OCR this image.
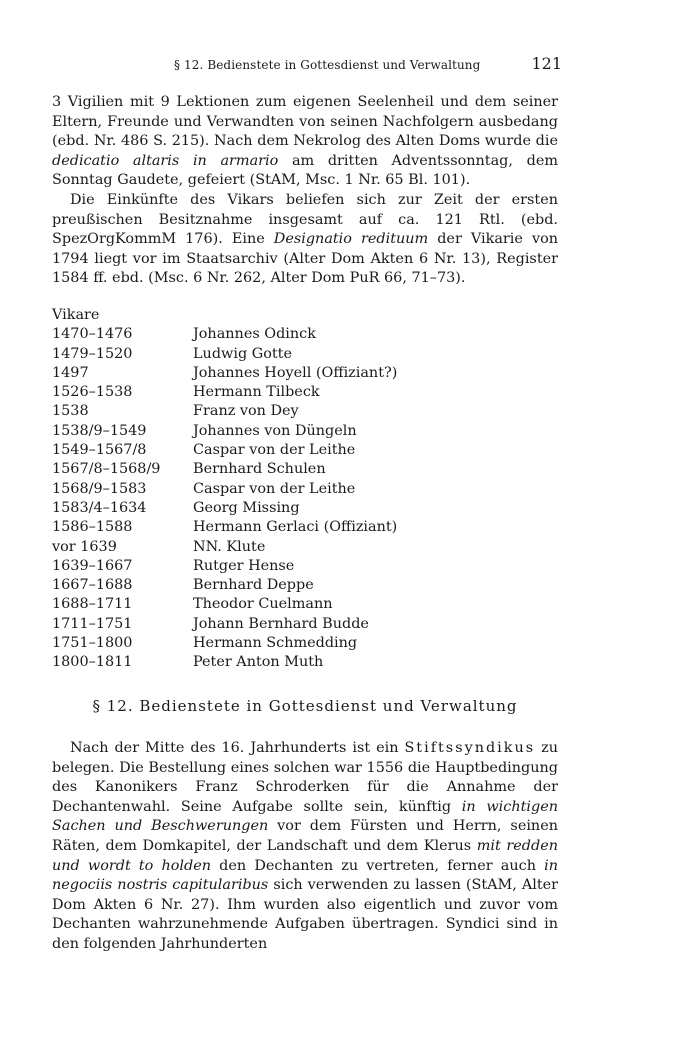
§ 12. Bedienstete in Gottesdienst und Verwaltung	121

3 Vigilien mit 9 Lektionen zum eigenen Seelenheil und dem seiner Eltern, Freunde und Verwandten von seinen Nachfolgern ausbedang (ebd. Nr. 486 S. 215). Nach dem Nekrolog des Alten Doms wurde die dedicatio altaris in armario am dritten Adventssonntag, dem Sonntag Gaudete, gefeiert (StAM, Msc. 1 Nr. 65 Bl. 101).

Die Einkünfte des Vikars beliefen sich zur Zeit der ersten preußischen Besitznahme insgesamt auf ca. 121 Rtl. (ebd. SpezOrgKommM 176). Eine Designatio redituum der Vikarie von 1794 liegt vor im Staatsarchiv (Alter Dom Akten 6 Nr. 13), Register 1584 ff. ebd. (Msc. 6 Nr. 262, Alter Dom PuR 66, 71–73).

Vikare
1470–1476	Johannes Odinck
1479–1520	Ludwig Gotte
1497	Johannes Hoyell (Offiziant?)
1526–1538	Hermann Tilbeck
1538	Franz von Dey
1538/9–1549	Johannes von Düngeln
1549–1567/8	Caspar von der Leithe
1567/8–1568/9	Bernhard Schulen
1568/9–1583	Caspar von der Leithe
1583/4–1634	Georg Missing
1586–1588	Hermann Gerlaci (Offiziant)
vor 1639	NN. Klute
1639–1667	Rutger Hense
1667–1688	Bernhard Deppe
1688–1711	Theodor Cuelmann
1711–1751	Johann Bernhard Budde
1751–1800	Hermann Schmedding
1800–1811	Peter Anton Muth
§ 12. Bedienstete in Gottesdienst und Verwaltung

Nach der Mitte des 16. Jahrhunderts ist ein Stiftssyndikus zu belegen. Die Bestellung eines solchen war 1556 die Hauptbedingung des Kanonikers Franz Schroderken für die Annahme der Dechantenwahl. Seine Aufgabe sollte sein, künftig in wichtigen Sachen und Beschwerungen vor dem Fürsten und Herrn, seinen Räten, dem Domkapitel, der Landschaft und dem Klerus mit redden und wordt to holden den Dechanten zu vertreten, ferner auch in negociis nostris capitularibus sich verwenden zu lassen (StAM, Alter Dom Akten 6 Nr. 27). Ihm wurden also eigentlich und zuvor vom Dechanten wahrzunehmende Aufgaben übertragen. Syndici sind in den folgenden Jahrhunderten
